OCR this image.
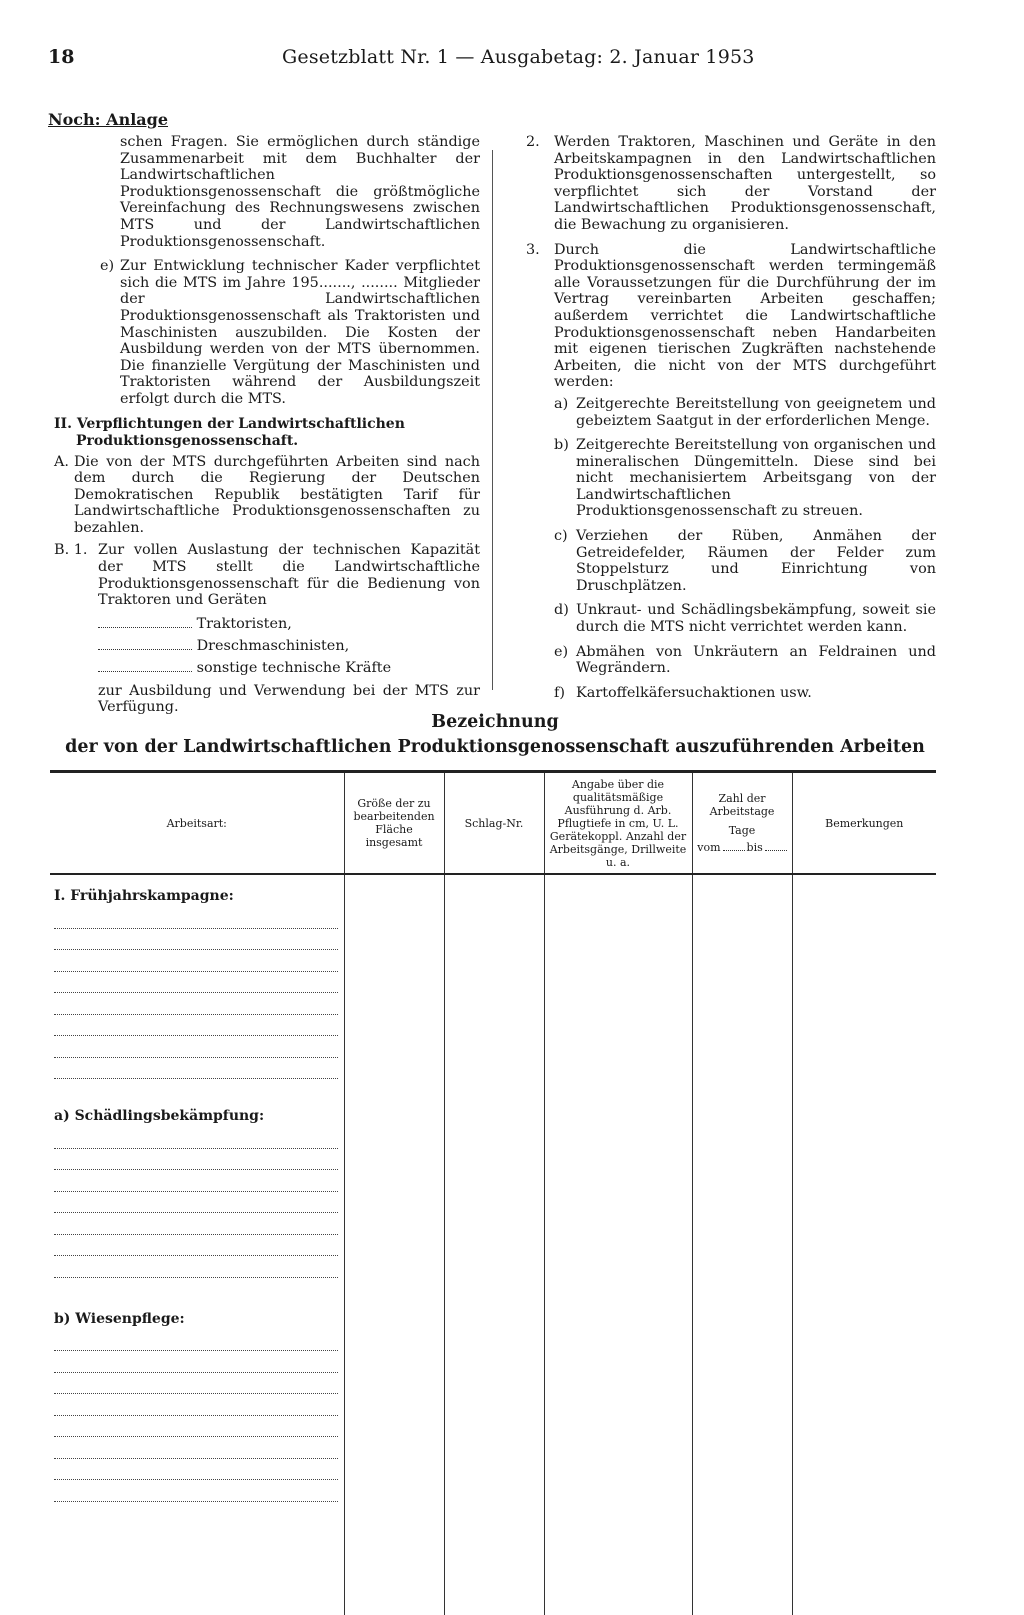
18	Gesetzblatt Nr. 1 — Ausgabetag: 2. Januar 1953
Noch: Anlage

schen Fragen. Sie ermöglichen durch ständige Zusammenarbeit mit dem Buchhalter der Landwirtschaftlichen Produktionsgenossenschaft die größtmögliche Vereinfachung des Rechnungswesens zwischen MTS und der Landwirtschaftlichen Produktionsgenossenschaft.

e) Zur Entwicklung technischer Kader verpflichtet sich die MTS im Jahre 195......., ........ Mitglieder der Landwirtschaftlichen Produktionsgenossenschaft als Traktoristen und Maschinisten auszubilden. Die Kosten der Ausbildung werden von der MTS übernommen. Die finanzielle Vergütung der Maschinisten und Traktoristen während der Ausbildungszeit erfolgt durch die MTS.
II. Verpflichtungen der Landwirtschaftlichen
Produktionsgenossenschaft.
A. Die von der MTS durchgeführten Arbeiten sind nach dem durch die Regierung der Deutschen Demokratischen Republik bestätigten Tarif für Landwirtschaftliche Produktionsgenossenschaften zu bezahlen.
B. 1. Zur vollen Auslastung der technischen Kapazität der MTS stellt die Landwirtschaftliche Produktionsgenossenschaft für die Bedienung von Traktoren und Geräten
Traktoristen,
Dreschmaschinisten,
sonstige technische Kräfte

zur Ausbildung und Verwendung bei der MTS zur Verfügung.

2. Werden Traktoren, Maschinen und Geräte in den Arbeitskampagnen in den Landwirtschaftlichen Produktionsgenossenschaften untergestellt, so verpflichtet sich der Vorstand der Landwirtschaftlichen Produktionsgenossenschaft, die Bewachung zu organisieren.
3. Durch die Landwirtschaftliche Produktionsgenossenschaft werden termingemäß alle Voraussetzungen für die Durchführung der im Vertrag vereinbarten Arbeiten geschaffen; außerdem verrichtet die Landwirtschaftliche Produktionsgenossenschaft neben Handarbeiten mit eigenen tierischen Zugkräften nachstehende Arbeiten, die nicht von der MTS durchgeführt werden:
a) Zeitgerechte Bereitstellung von geeignetem und gebeiztem Saatgut in der erforderlichen Menge.
b) Zeitgerechte Bereitstellung von organischen und mineralischen Düngemitteln. Diese sind bei nicht mechanisiertem Arbeitsgang von der Landwirtschaftlichen Produktionsgenossenschaft zu streuen.
c) Verziehen der Rüben, Anmähen der Getreidefelder, Räumen der Felder zum Stoppelsturz und Einrichtung von Druschplätzen.
d) Unkraut- und Schädlingsbekämpfung, soweit sie durch die MTS nicht verrichtet werden kann.
e) Abmähen von Unkräutern an Feldrainen und Wegrändern.
f) Kartoffelkäfersuchaktionen usw.
Bezeichnung
der von der Landwirtschaftlichen Produktionsgenossenschaft auszuführenden Arbeiten
Arbeitsart:	Größe der zu bearbeitenden Fläche insgesamt	Schlag-Nr.	Angabe über die qualitätsmäßige Ausführung d. Arb. Pflugtiefe in cm, U. L. Gerätekoppl. Anzahl der Arbeitsgänge, Drillweite u. a.	Zahl der Arbeitstage
Tage
vom bis	Bemerkungen

I. Frühjahrskampagne:
a) Schädlingsbekämpfung:
b) Wiesenpflege:					
